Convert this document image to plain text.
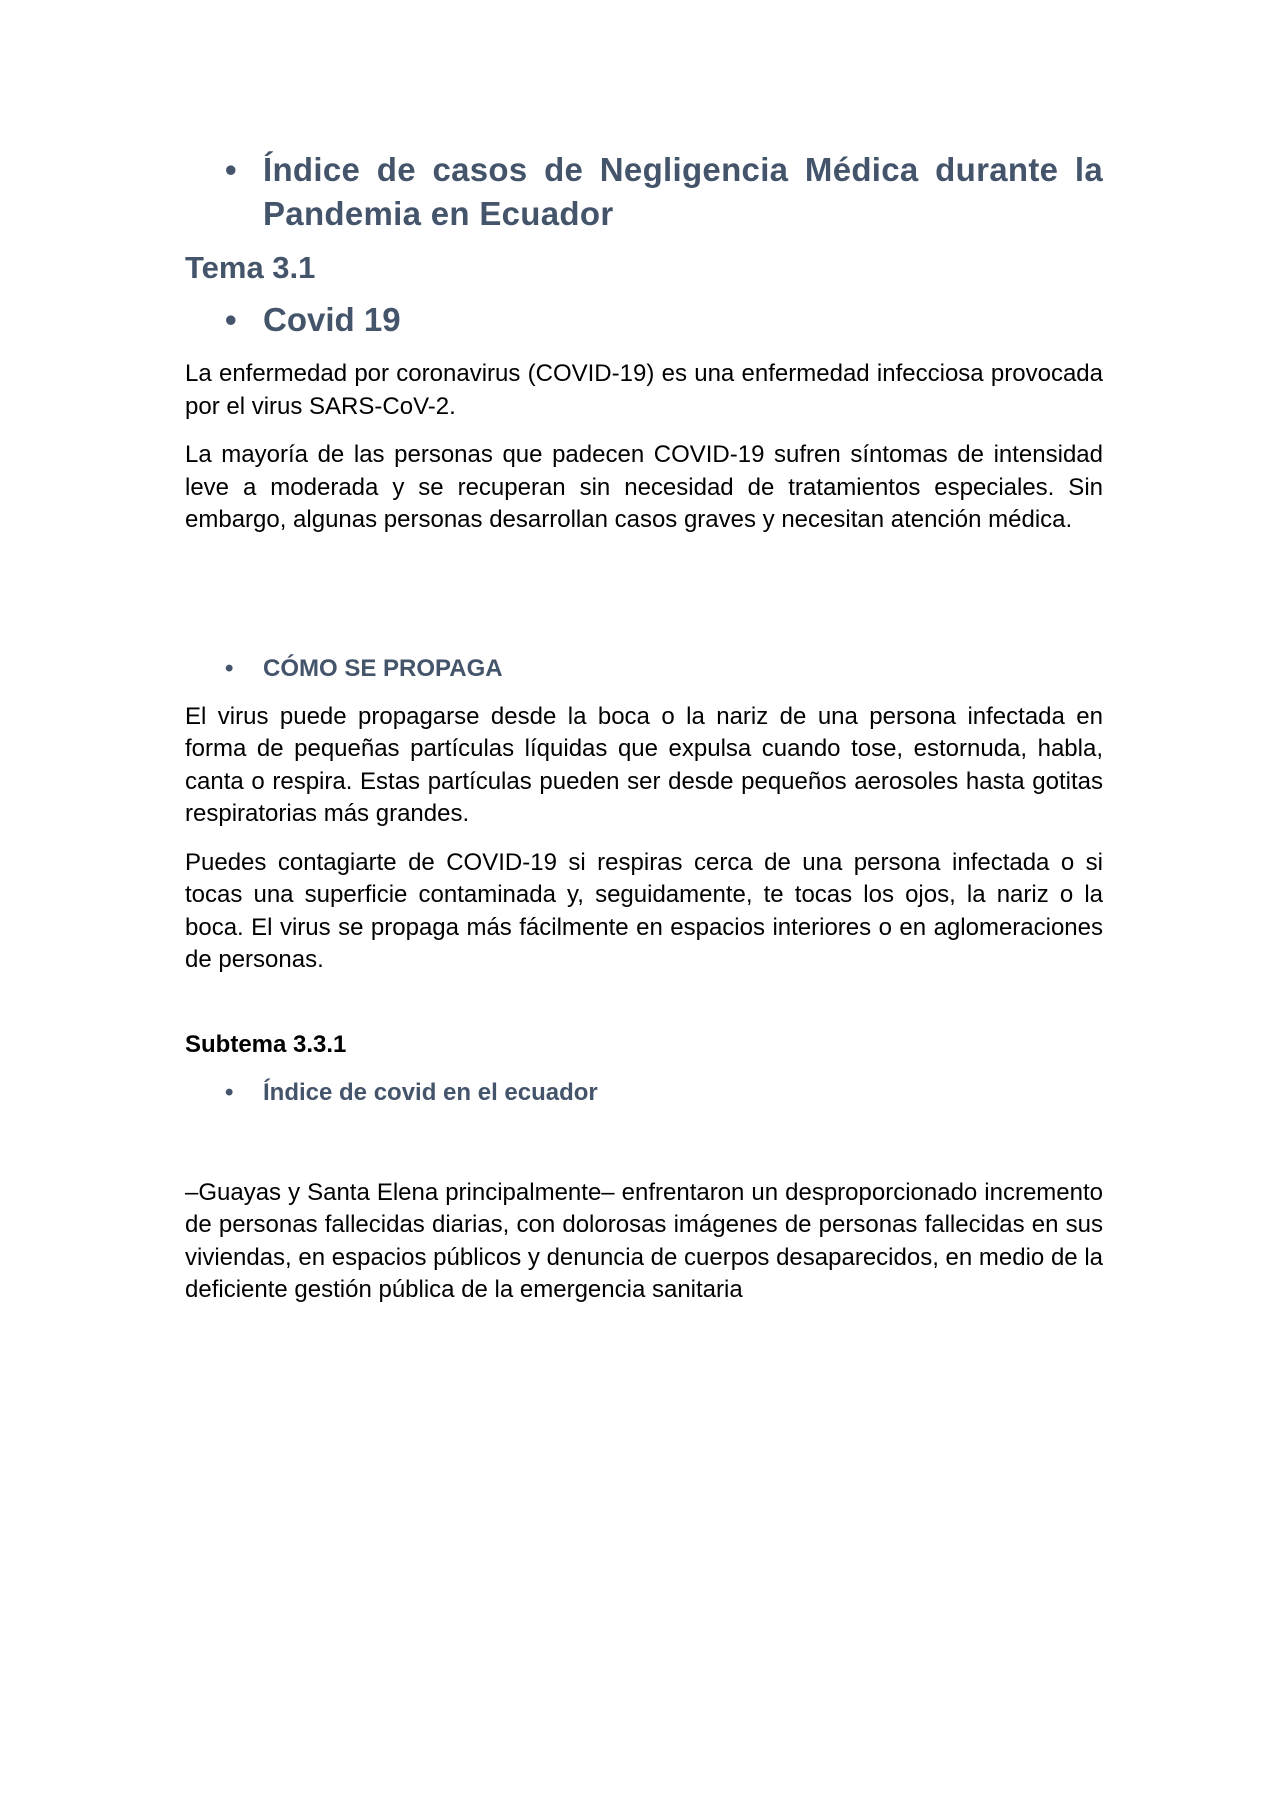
• Índice de casos de Negligencia Médica durante la Pandemia en Ecuador
Tema 3.1
• Covid 19

La enfermedad por coronavirus (COVID-19) es una enfermedad infecciosa provocada por el virus SARS-CoV-2.

La mayoría de las personas que padecen COVID-19 sufren síntomas de intensidad leve a moderada y se recuperan sin necesidad de tratamientos especiales. Sin embargo, algunas personas desarrollan casos graves y necesitan atención médica.

• CÓMO SE PROPAGA

El virus puede propagarse desde la boca o la nariz de una persona infectada en forma de pequeñas partículas líquidas que expulsa cuando tose, estornuda, habla, canta o respira. Estas partículas pueden ser desde pequeños aerosoles hasta gotitas respiratorias más grandes.

Puedes contagiarte de COVID-19 si respiras cerca de una persona infectada o si tocas una superficie contaminada y, seguidamente, te tocas los ojos, la nariz o la boca. El virus se propaga más fácilmente en espacios interiores o en aglomeraciones de personas.

Subtema 3.3.1
• Índice de covid en el ecuador

–Guayas y Santa Elena principalmente– enfrentaron un desproporcionado incremento de personas fallecidas diarias, con dolorosas imágenes de personas fallecidas en sus viviendas, en espacios públicos y denuncia de cuerpos desaparecidos, en medio de la deficiente gestión pública de la emergencia sanitaria
